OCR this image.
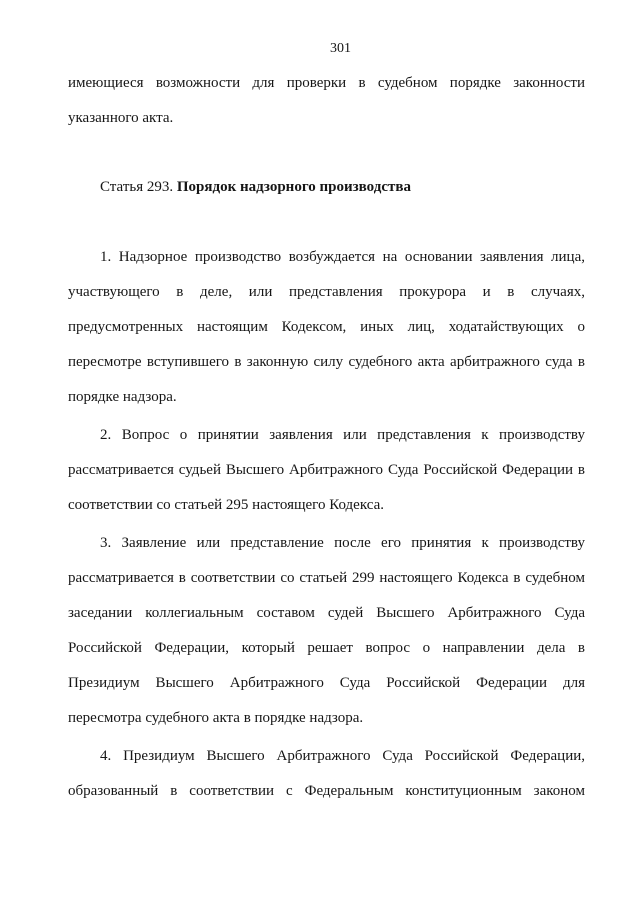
301
имеющиеся возможности для проверки в судебном порядке законности
указанного акта.
Статья 293. Порядок надзорного производства
1. Надзорное производство возбуждается на основании заявления лица,
участвующего в деле, или представления прокурора и в случаях,
предусмотренных настоящим Кодексом, иных лиц, ходатайствующих о
пересмотре вступившего в законную силу судебного акта арбитражного суда в
порядке надзора.
2. Вопрос о принятии заявления или представления к производству
рассматривается судьей Высшего Арбитражного Суда Российской Федерации в
соответствии со статьей 295 настоящего Кодекса.
3. Заявление или представление после его принятия к производству
рассматривается в соответствии со статьей 299 настоящего Кодекса в судебном
заседании коллегиальным составом судей Высшего Арбитражного Суда
Российской Федерации, который решает вопрос о направлении дела в
Президиум Высшего Арбитражного Суда Российской Федерации для
пересмотра судебного акта в порядке надзора.
4. Президиум Высшего Арбитражного Суда Российской Федерации,
образованный в соответствии с Федеральным конституционным законом
